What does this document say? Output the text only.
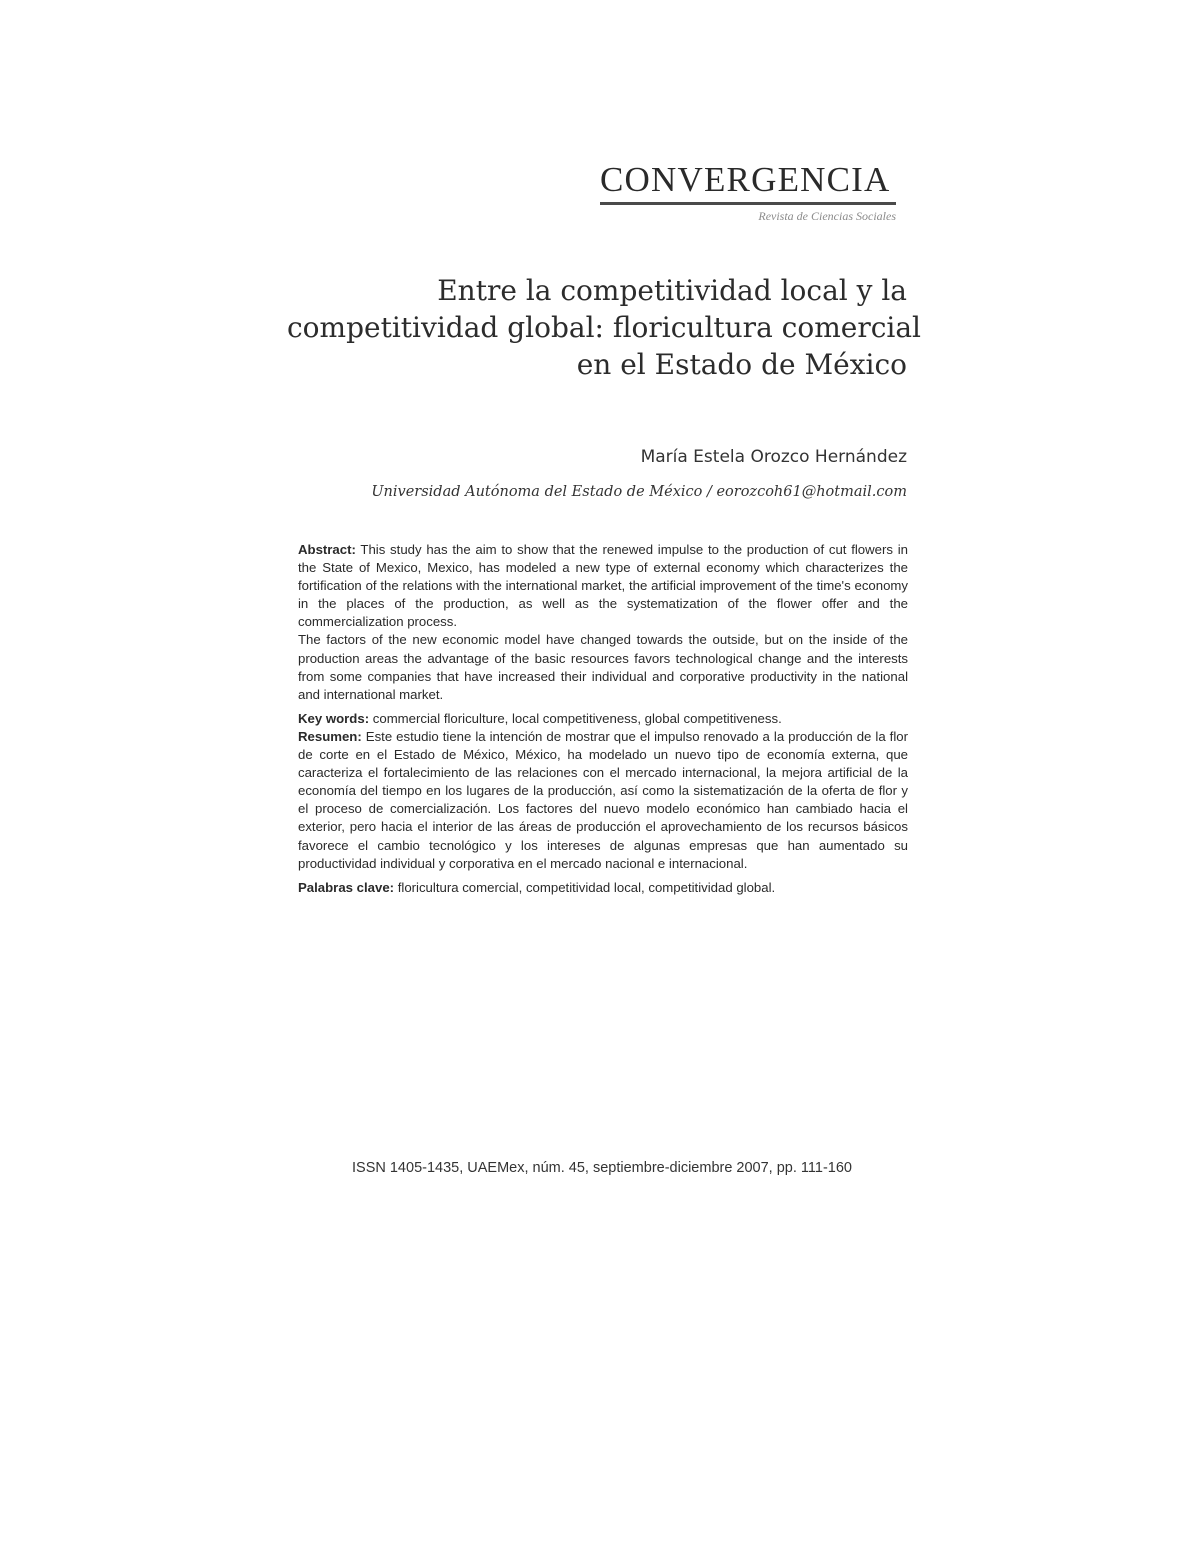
CONVERGENCIA
Revista de Ciencias Sociales
Entre la competitividad local y la
competitividad global: floricultura comercial
en el Estado de México
María Estela Orozco Hernández
Universidad Autónoma del Estado de México / eorozcoh61@hotmail.com

Abstract: This study has the aim to show that the renewed impulse to the production of cut flowers in the State of Mexico, Mexico, has modeled a new type of external economy which characterizes the fortification of the relations with the international market, the artificial improvement of the time's economy in the places of the production, as well as the systematization of the flower offer and the commercialization process.

The factors of the new economic model have changed towards the outside, but on the inside of the production areas the advantage of the basic resources favors technological change and the interests from some companies that have increased their individual and corporative productivity in the national and international market.

Key words: commercial floriculture, local competitiveness, global competitiveness.

Resumen: Este estudio tiene la intención de mostrar que el impulso renovado a la producción de la flor de corte en el Estado de México, México, ha modelado un nuevo tipo de economía externa, que caracteriza el fortalecimiento de las relaciones con el mercado internacional, la mejora artificial de la economía del tiempo en los lugares de la producción, así como la sistematización de la oferta de flor y el proceso de comercialización. Los factores del nuevo modelo económico han cambiado hacia el exterior, pero hacia el interior de las áreas de producción el aprovechamiento de los recursos básicos favorece el cambio tecnológico y los intereses de algunas empresas que han aumentado su productividad individual y corporativa en el mercado nacional e internacional.

Palabras clave: floricultura comercial, competitividad local, competitividad global.

ISSN 1405-1435, UAEMex, núm. 45, septiembre-diciembre 2007, pp. 111-160
